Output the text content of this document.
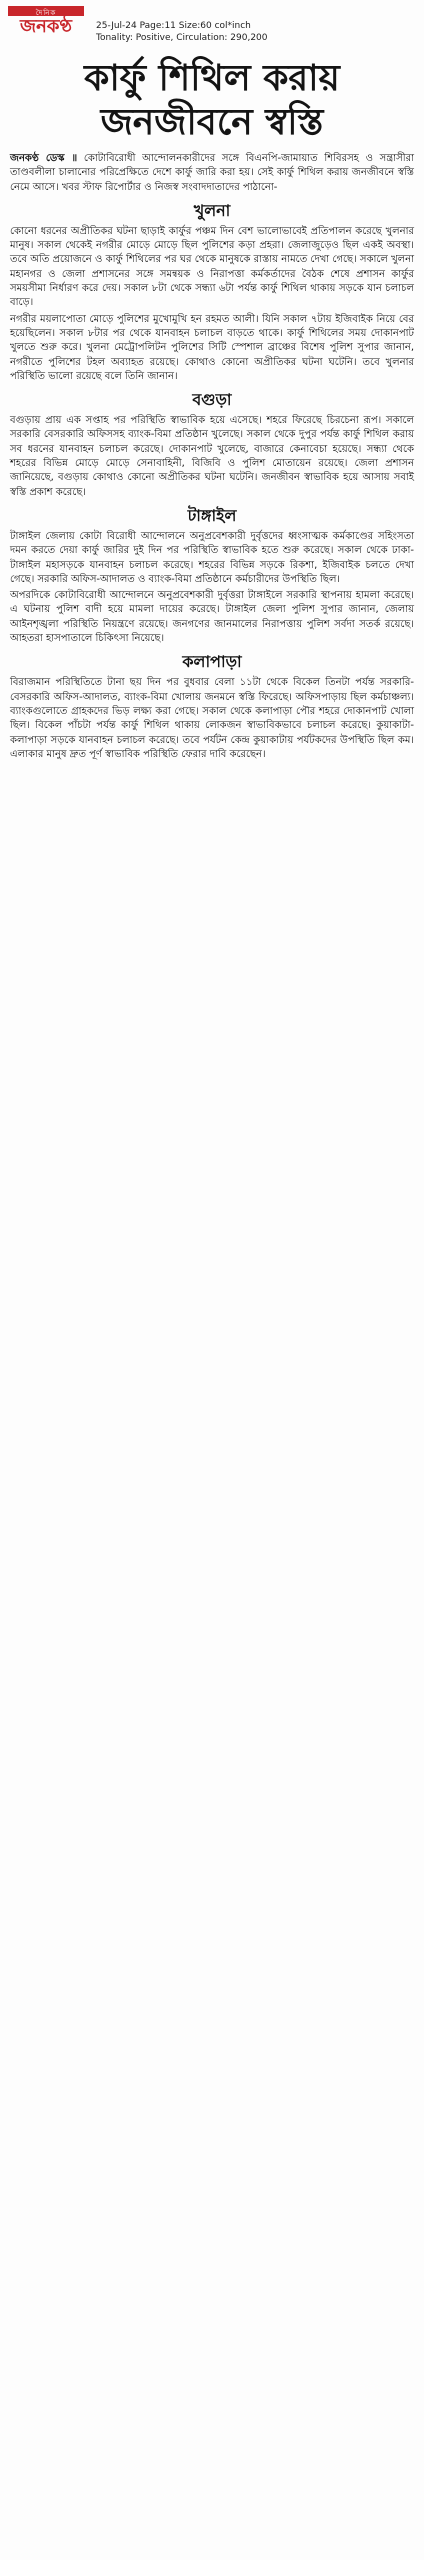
দৈনিক
জনকণ্ঠ	25-Jul-24 Page:11 Size:60 col*inch
Tonality: Positive, Circulation: 290,200
কার্ফু শিথিল করায়
জনজীবনে স্বস্তি

জনকণ্ঠ ডেস্ক ॥ কোটাবিরোধী আন্দোলনকারীদের সঙ্গে বিএনপি-জামায়াত শিবিরসহ ও সন্ত্রাসীরা তাণ্ডবলীলা চালানোর পরিপ্রেক্ষিতে দেশে কার্ফু জারি করা হয়। সেই কার্ফু শিথিল করায় জনজীবনে স্বস্তি নেমে আসে। খবর স্টাফ রিপোর্টার ও নিজস্ব সংবাদদাতাদের পাঠানো-

খুলনা

কোনো ধরনের অপ্রীতিকর ঘটনা ছাড়াই কার্ফুর পঞ্চম দিন বেশ ভালোভাবেই প্রতিপালন করেছে খুলনার মানুষ। সকাল থেকেই নগরীর মোড়ে মোড়ে ছিল পুলিশের কড়া প্রহরা। জেলাজুড়েও ছিল একই অবস্থা। তবে অতি প্রয়োজনে ও কার্ফু শিথিলের পর ঘর থেকে মানুষকে রাস্তায় নামতে দেখা গেছে। সকালে খুলনা মহানগর ও জেলা প্রশাসনের সঙ্গে সমন্বয়ক ও নিরাপত্তা কর্মকর্তাদের বৈঠক শেষে প্রশাসন কার্ফুর সময়সীমা নির্ধারণ করে দেয়। সকাল ৮টা থেকে সন্ধ্যা ৬টা পর্যন্ত কার্ফু শিথিল থাকায় সড়কে যান চলাচল বাড়ে।

নগরীর ময়লাপোতা মোড়ে পুলিশের মুখোমুখি হন রহমত আলী। যিনি সকাল ৭টায় ইজিবাইক নিয়ে বের হয়েছিলেন। সকাল ৮টার পর থেকে যানবাহন চলাচল বাড়তে থাকে। কার্ফু শিথিলের সময় দোকানপাট খুলতে শুরু করে। খুলনা মেট্রোপলিটন পুলিশের সিটি স্পেশাল ব্রাঞ্চের বিশেষ পুলিশ সুপার জানান, নগরীতে পুলিশের টহল অব্যাহত রয়েছে। কোথাও কোনো অপ্রীতিকর ঘটনা ঘটেনি। তবে খুলনার পরিস্থিতি ভালো রয়েছে বলে তিনি জানান।

বগুড়া

বগুড়ায় প্রায় এক সপ্তাহ পর পরিস্থিতি স্বাভাবিক হয়ে এসেছে। শহরে ফিরেছে চিরচেনা রূপ। সকালে সরকারি বেসরকারি অফিসসহ ব্যাংক-বিমা প্রতিষ্ঠান খুলেছে। সকাল থেকে দুপুর পর্যন্ত কার্ফু শিথিল করায় সব ধরনের যানবাহন চলাচল করেছে। দোকানপাট খুলেছে, বাজারে কেনাবেচা হয়েছে। সন্ধ্যা থেকে শহরের বিভিন্ন মোড়ে মোড়ে সেনাবাহিনী, বিজিবি ও পুলিশ মোতায়েন রয়েছে। জেলা প্রশাসন জানিয়েছে, বগুড়ায় কোথাও কোনো অপ্রীতিকর ঘটনা ঘটেনি। জনজীবন স্বাভাবিক হয়ে আসায় সবাই স্বস্তি প্রকাশ করেছে।

টাঙ্গাইল

টাঙ্গাইল জেলায় কোটা বিরোধী আন্দোলনে অনুপ্রবেশকারী দুর্বৃত্তদের ধ্বংসাত্মক কর্মকাণ্ডের সহিংসতা দমন করতে দেয়া কার্ফু জারির দুই দিন পর পরিস্থিতি স্বাভাবিক হতে শুরু করেছে। সকাল থেকে ঢাকা-টাঙ্গাইল মহাসড়কে যানবাহন চলাচল করেছে। শহরের বিভিন্ন সড়কে রিকশা, ইজিবাইক চলতে দেখা গেছে। সরকারি অফিস-আদালত ও ব্যাংক-বিমা প্রতিষ্ঠানে কর্মচারীদের উপস্থিতি ছিল।

অপরদিকে কোটাবিরোধী আন্দোলনে অনুপ্রবেশকারী দুর্বৃত্তরা টাঙ্গাইলে সরকারি স্থাপনায় হামলা করেছে। এ ঘটনায় পুলিশ বাদী হয়ে মামলা দায়ের করেছে। টাঙ্গাইল জেলা পুলিশ সুপার জানান, জেলায় আইনশৃঙ্খলা পরিস্থিতি নিয়ন্ত্রণে রয়েছে। জনগণের জানমালের নিরাপত্তায় পুলিশ সর্বদা সতর্ক রয়েছে। আহতরা হাসপাতালে চিকিৎসা নিয়েছে।

কলাপাড়া

বিরাজমান পরিস্থিতিতে টানা ছয় দিন পর বুধবার বেলা ১১টা থেকে বিকেল তিনটা পর্যন্ত সরকারি-বেসরকারি অফিস-আদালত, ব্যাংক-বিমা খোলায় জনমনে স্বস্তি ফিরেছে। অফিসপাড়ায় ছিল কর্মচাঞ্চল্য। ব্যাংকগুলোতে গ্রাহকদের ভিড় লক্ষ্য করা গেছে। সকাল থেকে কলাপাড়া পৌর শহরে দোকানপাট খোলা ছিল। বিকেল পাঁচটা পর্যন্ত কার্ফু শিথিল থাকায় লোকজন স্বাভাবিকভাবে চলাচল করেছে। কুয়াকাটা-কলাপাড়া সড়কে যানবাহন চলাচল করেছে। তবে পর্যটন কেন্দ্র কুয়াকাটায় পর্যটকদের উপস্থিতি ছিল কম। এলাকার মানুষ দ্রুত পূর্ণ স্বাভাবিক পরিস্থিতি ফেরার দাবি করেছেন।
